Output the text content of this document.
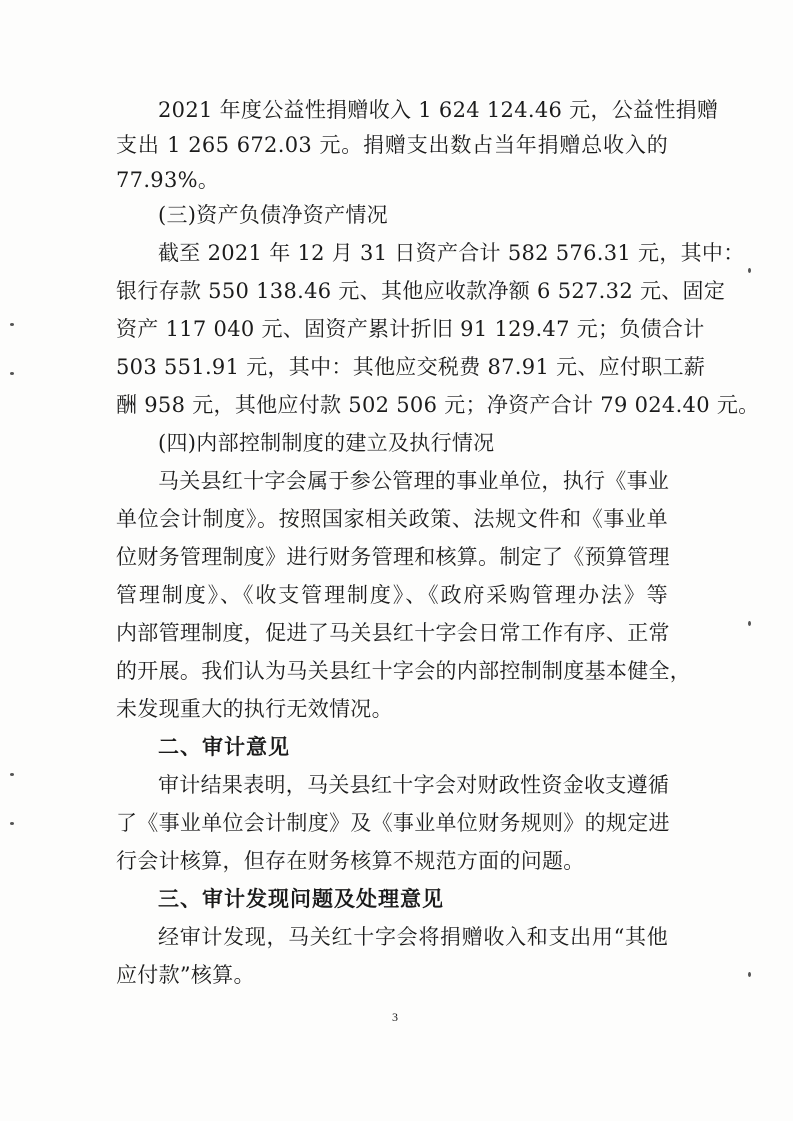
2021 年度公益性捐赠收入 1 624 124.46 元，公益性捐赠
支出 1 265 672.03 元。捐赠支出数占当年捐赠总收入的
77.93%。
(三)资产负债净资产情况
截至 2021 年 12 月 31 日资产合计 582 576.31 元，其中：
银行存款 550 138.46 元、其他应收款净额 6 527.32 元、固定
资产 117 040 元、固资产累计折旧 91 129.47 元；负债合计
503 551.91 元，其中：其他应交税费 87.91 元、应付职工薪
酬 958 元，其他应付款 502 506 元；净资产合计 79 024.40 元。
(四)内部控制制度的建立及执行情况
马关县红十字会属于参公管理的事业单位，执行《事业
单位会计制度》。按照国家相关政策、法规文件和《事业单
位财务管理制度》进行财务管理和核算。制定了《预算管理
管理制度》、《收支管理制度》、《政府采购管理办法》等
内部管理制度，促进了马关县红十字会日常工作有序、正常
的开展。我们认为马关县红十字会的内部控制制度基本健全，
未发现重大的执行无效情况。
二、审计意见
审计结果表明，马关县红十字会对财政性资金收支遵循
了《事业单位会计制度》及《事业单位财务规则》的规定进
行会计核算，但存在财务核算不规范方面的问题。
三、审计发现问题及处理意见
经审计发现，马关红十字会将捐赠收入和支出用“其他
应付款”核算。
3
